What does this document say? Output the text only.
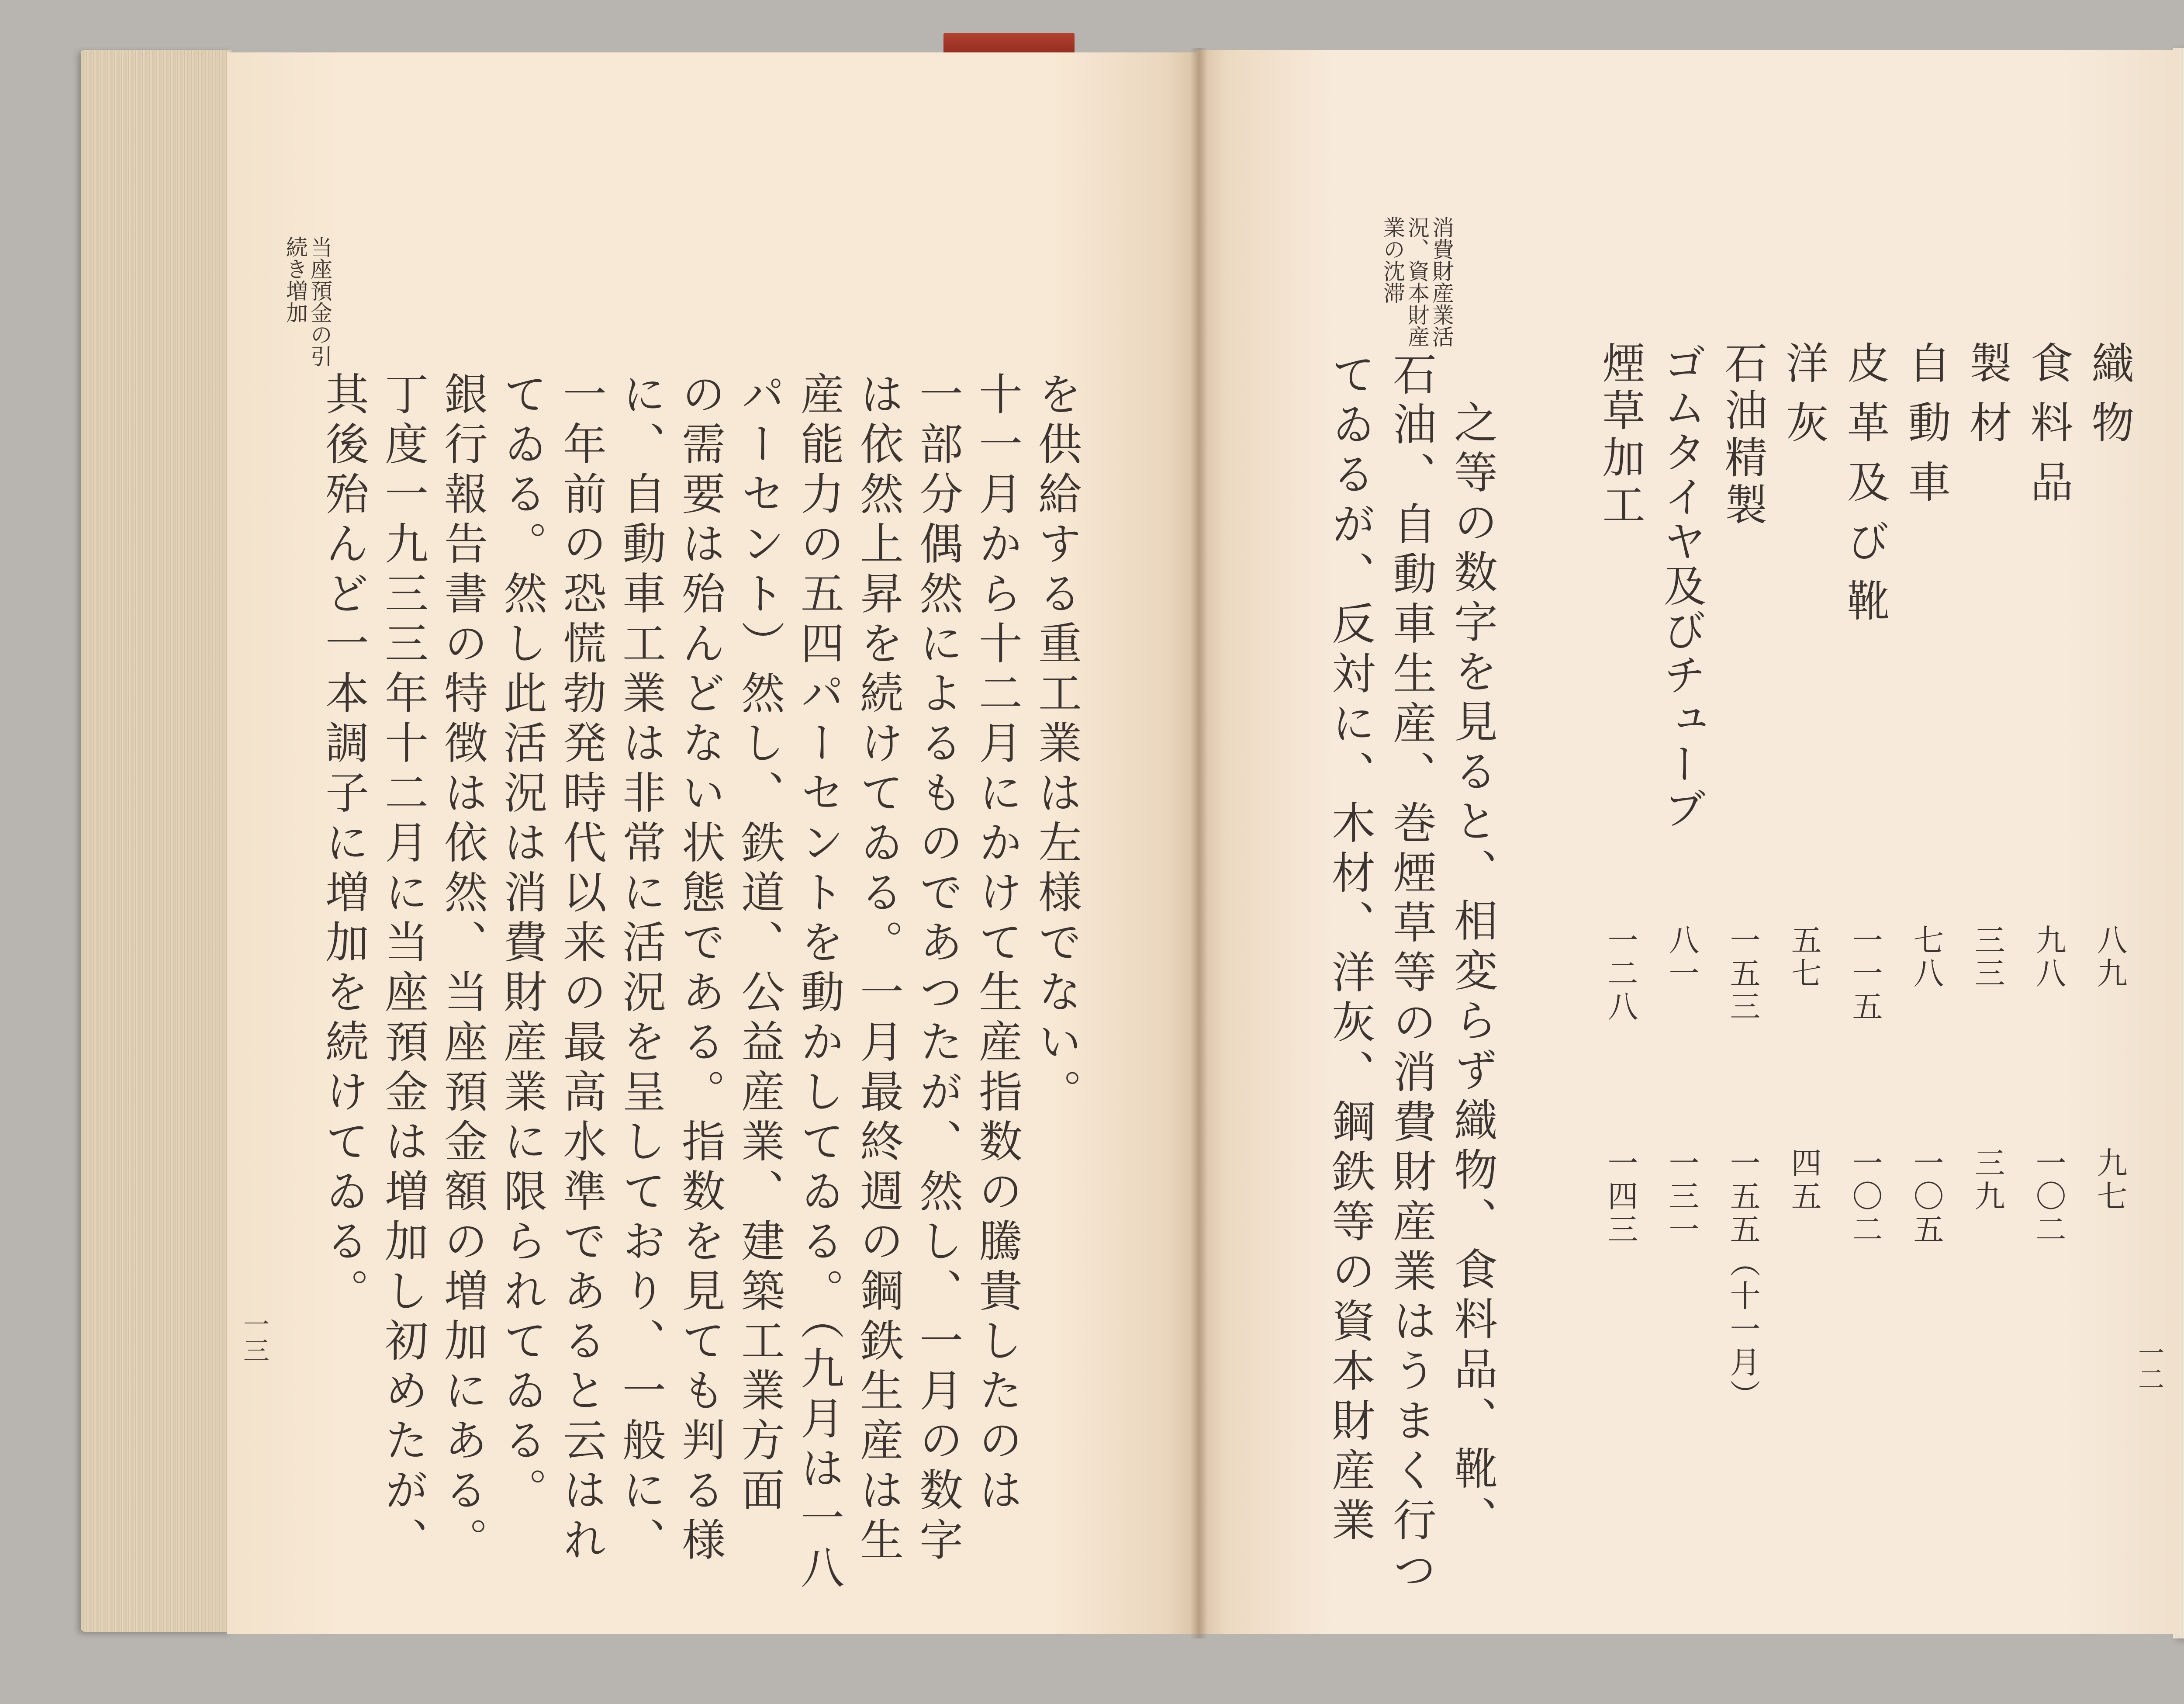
当座預金の引続き増加
を供給する重工業は左様でない。
十一月から十二月にかけて生産指数の騰貴したのは
一部分偶然によるものであつたが、然し、一月の数字
は依然上昇を続けてゐる。一月最終週の鋼鉄生産は生
産能力の五四パーセントを動かしてゐる。（九月は一八
パーセント）然し、鉄道、公益産業、建築工業方面
の需要は殆んどない状態である。指数を見ても判る様
に、自動車工業は非常に活況を呈しており、一般に、
一年前の恐慌勃発時代以来の最高水準であると云はれ
てゐる。然し此活況は消費財産業に限られてゐる。
銀行報告書の特徴は依然、当座預金額の増加にある。
丁度一九三三年十二月に当座預金は増加し初めたが、
其後殆んど一本調子に増加を続けてゐる。
一三
織物
八九
九七
食料品
九八
一〇二
製材
三三
三九
自動車
七八
一〇五
皮革及び靴
一一五
一〇二
洋灰
五七
四五
石油精製
一五三
一五五（十一月）
ゴムタイヤ及びチューブ
八一
一三一
煙草加工
一二八
一四三
之等の数字を見ると、相変らず織物、食料品、靴、
石油、自動車生産、巻煙草等の消費財産業はうまく行つ
てゐるが、反対に、木材、洋灰、鋼鉄等の資本財産業
消費財産業活況、資本財産業の沈滞
一二
